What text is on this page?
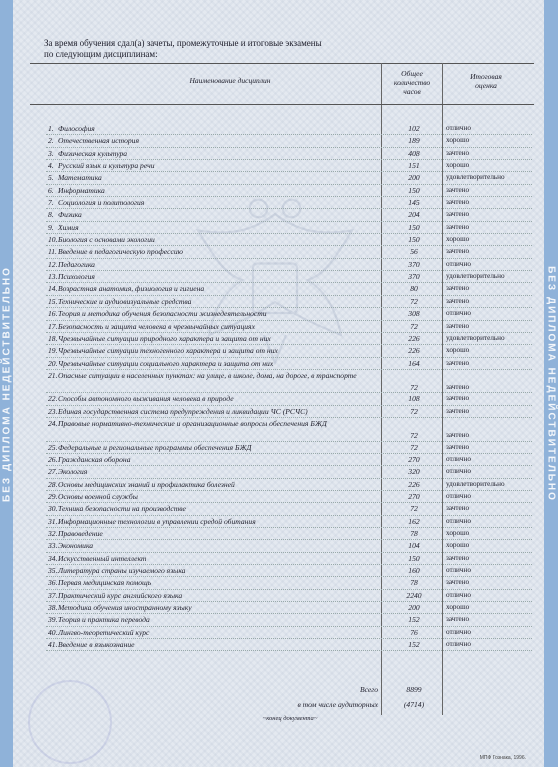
БЕЗ ДИПЛОМА НЕДЕЙСТВИТЕЛЬНО	БЕЗ ДИПЛОМА НЕДЕЙСТВИТЕЛЬНО
За время обучения сдал(а) зачеты, промежуточные и итоговые экзамены
по следующим дисциплинам:
Наименование дисциплин
Общее
количество
часов
Итоговая
оценка
1. Философия	102	отлично
2. Отечественная история	189	хорошо
3. Физическая культура	408	зачтено
4. Русский язык и культура речи	151	хорошо
5. Математика	200	удовлетворительно
6. Информатика	150	зачтено
7. Социология и политология	145	зачтено
8. Физика	204	зачтено
9. Химия	150	зачтено
10. Биология с основами экологии	150	хорошо
11. Введение в педагогическую профессию	56	зачтено
12. Педагогика	370	отлично
13. Психология	370	удовлетворительно
14. Возрастная анатомия, физиология и гигиена	80	зачтено
15. Технические и аудиовизуальные средства	72	зачтено
16. Теория и методика обучения безопасности жизнедеятельности	308	отлично
17. Безопасность и защита человека в чрезвычайных ситуациях	72	зачтено
18. Чрезвычайные ситуации природного характера и защита от них	226	удовлетворительно
19. Чрезвычайные ситуации техногенного характера и защита от них	226	хорошо
20. Чрезвычайные ситуации социального характера и защита от них	164	зачтено
21. Опасные ситуации в населенных пунктах: на улице, в школе, дома, на дороге, в транспорте
72	зачтено
22. Способы автономного выживания человека в природе	108	зачтено
23. Единая государственная система предупреждения и ликвидации ЧС (РСЧС)	72	зачтено
24. Правовые нормативно-технические и организационные вопросы обеспечения БЖД
72	зачтено
25. Федеральные и региональные программы обеспечения БЖД	72	зачтено
26. Гражданская оборона	270	отлично
27. Экология	320	отлично
28. Основы медицинских знаний и профилактика болезней	226	удовлетворительно
29. Основы военной службы	270	отлично
30. Техника безопасности на производстве	72	зачтено
31. Информационные технологии в управлении средой обитания	162	отлично
32. Правоведение	78	хорошо
33. Экономика	104	хорошо
34. Искусственный интеллект	150	зачтено
35. Литература страны изучаемого языка	160	отлично
36. Первая медицинская помощь	78	зачтено
37. Практический курс английского языка	2240	отлично
38. Методика обучения иностранному языку	200	хорошо
39. Теория и практика перевода	152	зачтено
40. Лингво-теоретический курс	76	отлично
41. Введение в языкознание	152	отлично
Всего	8899
в том числе аудиторных	(4714)
~конец документа~
МПФ Гознака, 1996.
